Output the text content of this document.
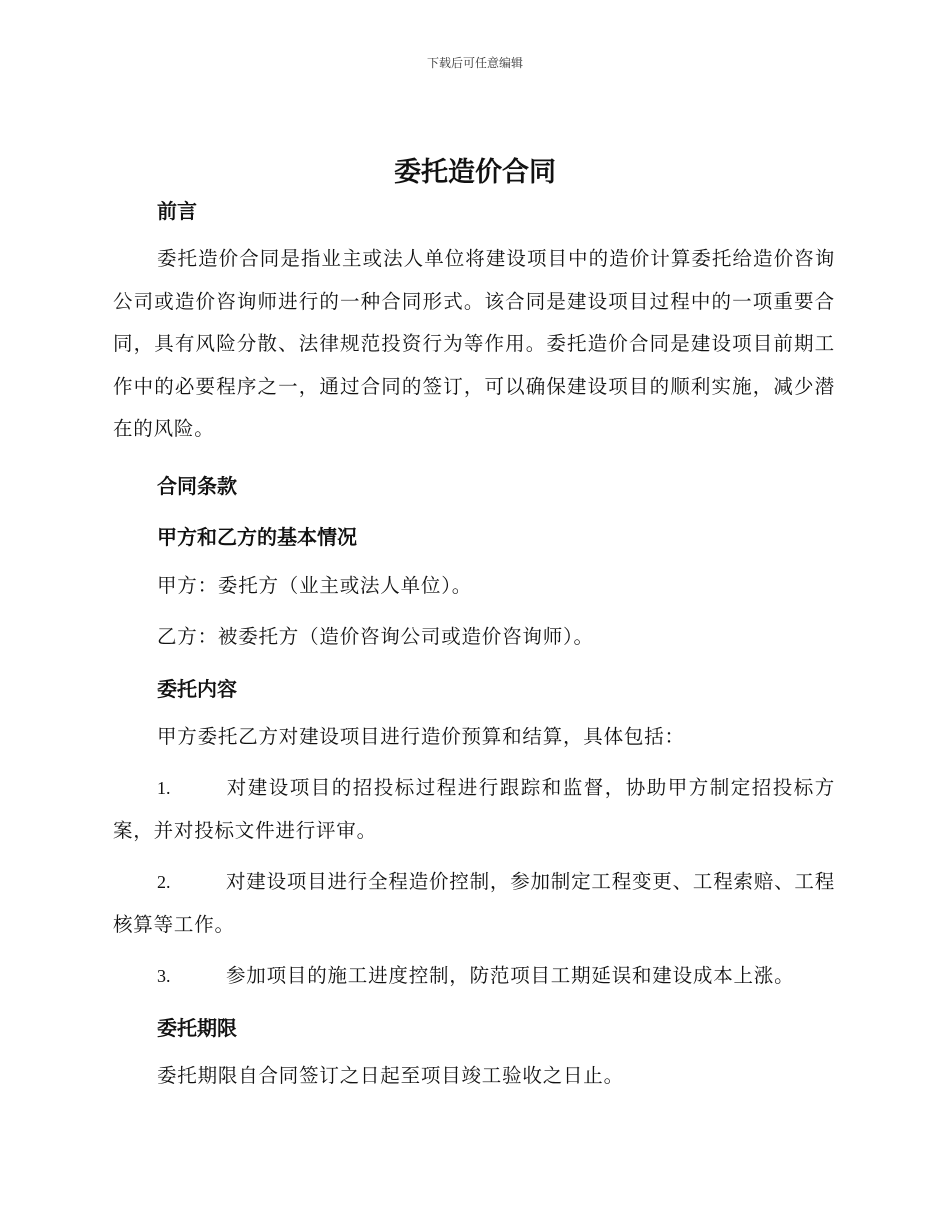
下载后可任意编辑
委托造价合同

前言

委托造价合同是指业主或法人单位将建设项目中的造价计算委托给造价咨询公司或造价咨询师进行的一种合同形式。该合同是建设项目过程中的一项重要合同，具有风险分散、法律规范投资行为等作用。委托造价合同是建设项目前期工作中的必要程序之一，通过合同的签订，可以确保建设项目的顺利实施，减少潜在的风险。

合同条款

甲方和乙方的基本情况

甲方：委托方（业主或法人单位）。

乙方：被委托方（造价咨询公司或造价咨询师）。

委托内容

甲方委托乙方对建设项目进行造价预算和结算，具体包括：

1.	对建设项目的招投标过程进行跟踪和监督，协助甲方制定招投标方案，并对投标文件进行评审。

2.	对建设项目进行全程造价控制，参加制定工程变更、工程索赔、工程核算等工作。

3.	参加项目的施工进度控制，防范项目工期延误和建设成本上涨。

委托期限

委托期限自合同签订之日起至项目竣工验收之日止。
